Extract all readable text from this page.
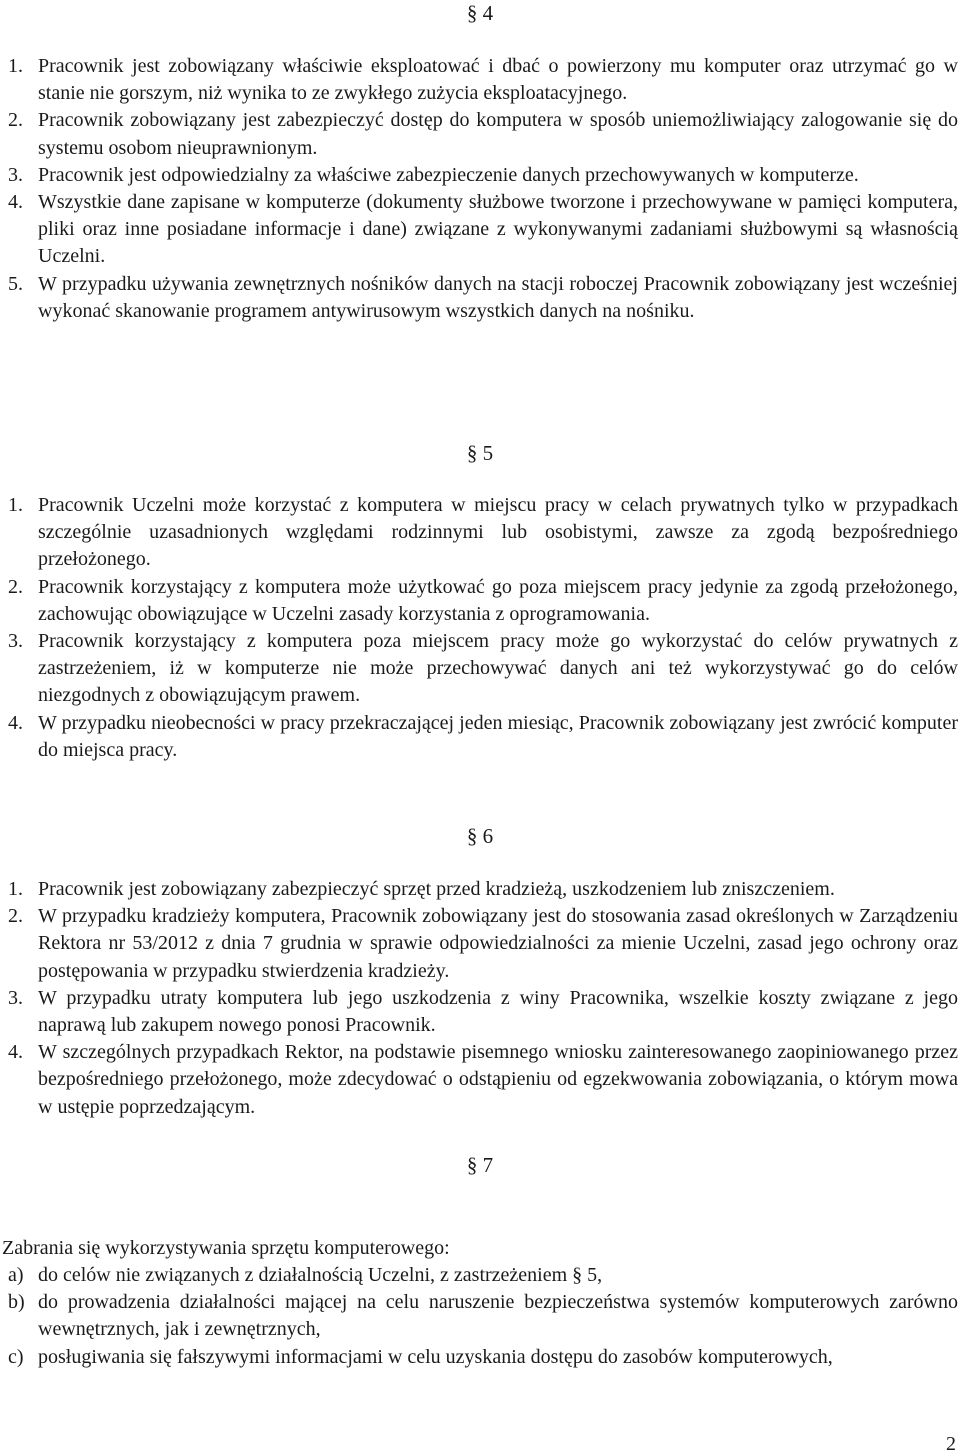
§ 4
1. Pracownik jest zobowiązany właściwie eksploatować i dbać o powierzony mu komputer oraz utrzymać go w stanie nie gorszym, niż wynika to ze zwykłego zużycia eksploatacyjnego.
2. Pracownik zobowiązany jest zabezpieczyć dostęp do komputera w sposób uniemożliwiający zalogowanie się do systemu osobom nieuprawnionym.
3. Pracownik jest odpowiedzialny za właściwe zabezpieczenie danych przechowywanych w komputerze.
4. Wszystkie dane zapisane w komputerze (dokumenty służbowe tworzone i przechowywane w pamięci komputera, pliki oraz inne posiadane informacje i dane) związane z wykonywanymi zadaniami służbowymi są własnością Uczelni.
5. W przypadku używania zewnętrznych nośników danych na stacji roboczej Pracownik zobowiązany jest wcześniej wykonać skanowanie programem antywirusowym wszystkich danych na nośniku.
§ 5
1. Pracownik Uczelni może korzystać z komputera w miejscu pracy w celach prywatnych tylko w przypadkach szczególnie uzasadnionych względami rodzinnymi lub osobistymi, zawsze za zgodą bezpośredniego przełożonego.
2. Pracownik korzystający z komputera może użytkować go poza miejscem pracy jedynie za zgodą przełożonego, zachowując obowiązujące w Uczelni zasady korzystania z oprogramowania.
3. Pracownik korzystający z komputera poza miejscem pracy może go wykorzystać do celów prywatnych z zastrzeżeniem, iż w komputerze nie może przechowywać danych ani też wykorzystywać go do celów niezgodnych z obowiązującym prawem.
4. W przypadku nieobecności w pracy przekraczającej jeden miesiąc, Pracownik zobowiązany jest zwrócić komputer do miejsca pracy.
§ 6
1. Pracownik jest zobowiązany zabezpieczyć sprzęt przed kradzieżą, uszkodzeniem lub zniszczeniem.
2. W przypadku kradzieży komputera, Pracownik zobowiązany jest do stosowania zasad określonych w Zarządzeniu Rektora nr 53/2012 z dnia 7 grudnia w sprawie odpowiedzialności za mienie Uczelni, zasad jego ochrony oraz postępowania w przypadku stwierdzenia kradzieży.
3. W przypadku utraty komputera lub jego uszkodzenia z winy Pracownika, wszelkie koszty związane z jego naprawą lub zakupem nowego ponosi Pracownik.
4. W szczególnych przypadkach Rektor, na podstawie pisemnego wniosku zainteresowanego zaopiniowanego przez bezpośredniego przełożonego, może zdecydować o odstąpieniu od egzekwowania zobowiązania, o którym mowa w ustępie poprzedzającym.
§ 7
Zabrania się wykorzystywania sprzętu komputerowego:
a) do celów nie związanych z działalnością Uczelni, z zastrzeżeniem § 5,
b) do prowadzenia działalności mającej na celu naruszenie bezpieczeństwa systemów komputerowych zarówno wewnętrznych, jak i zewnętrznych,
c) posługiwania się fałszywymi informacjami w celu uzyskania dostępu do zasobów komputerowych,
2
